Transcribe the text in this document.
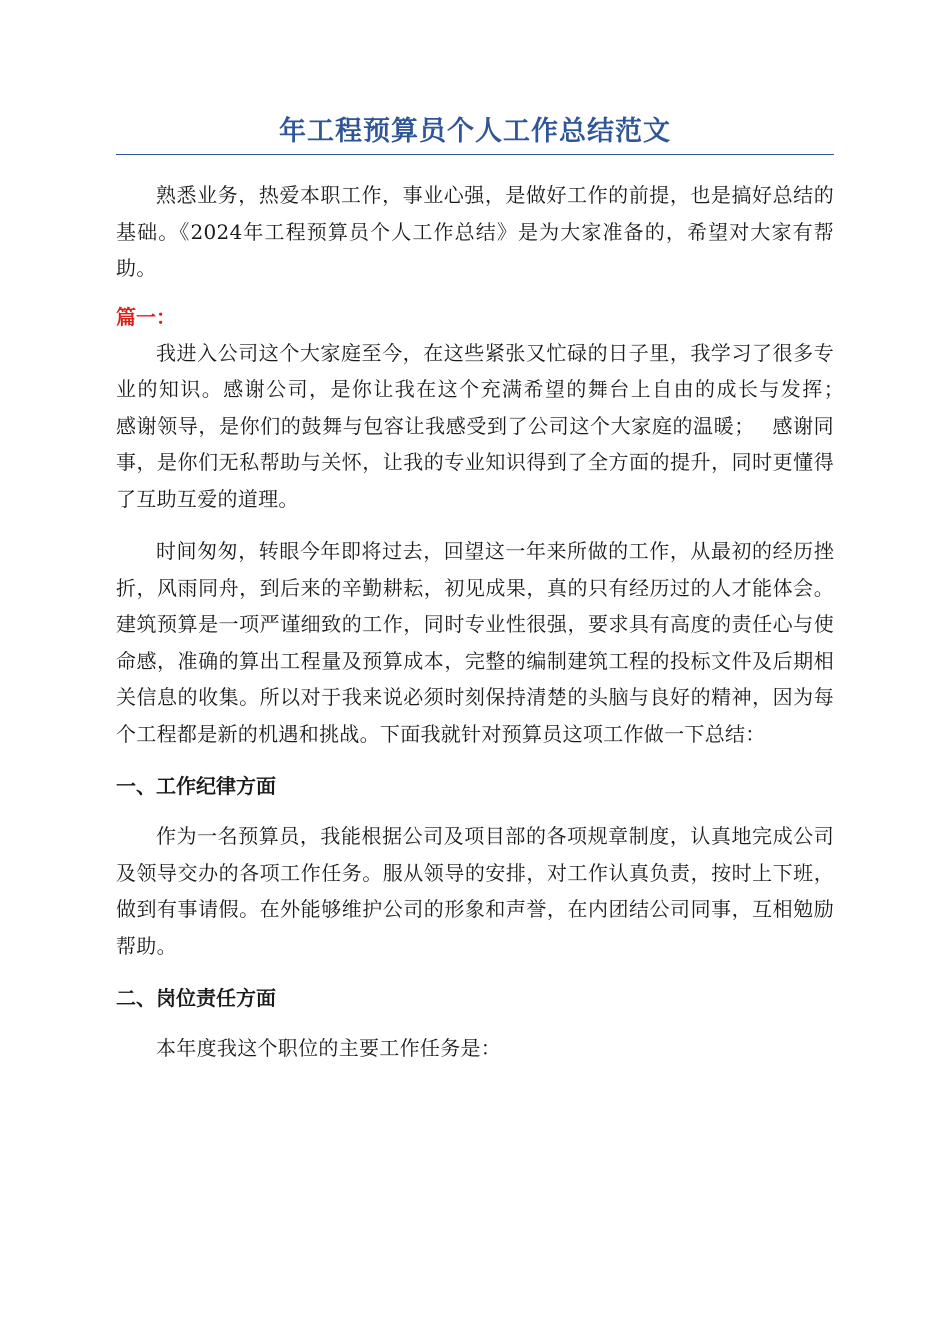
年工程预算员个人工作总结范文

熟悉业务，热爱本职工作，事业心强，是做好工作的前提，也是搞好总结的基础。《2024年工程预算员个人工作总结》是为大家准备的，希望对大家有帮助。

篇一：

我进入公司这个大家庭至今，在这些紧张又忙碌的日子里，我学习了很多专业的知识。感谢公司，是你让我在这个充满希望的舞台上自由的成长与发挥；　 感谢领导，是你们的鼓舞与包容让我感受到了公司这个大家庭的温暖；　 感谢同事，是你们无私帮助与关怀，让我的专业知识得到了全方面的提升，同时更懂得了互助互爱的道理。

时间匆匆，转眼今年即将过去，回望这一年来所做的工作，从最初的经历挫折，风雨同舟，到后来的辛勤耕耘，初见成果，真的只有经历过的人才能体会。建筑预算是一项严谨细致的工作，同时专业性很强，要求具有高度的责任心与使命感，准确的算出工程量及预算成本，完整的编制建筑工程的投标文件及后期相关信息的收集。所以对于我来说必须时刻保持清楚的头脑与良好的精神，因为每个工程都是新的机遇和挑战。下面我就针对预算员这项工作做一下总结：

一、工作纪律方面

作为一名预算员，我能根据公司及项目部的各项规章制度，认真地完成公司及领导交办的各项工作任务。服从领导的安排，对工作认真负责，按时上下班，做到有事请假。在外能够维护公司的形象和声誉，在内团结公司同事，互相勉励帮助。

二、岗位责任方面

本年度我这个职位的主要工作任务是：
